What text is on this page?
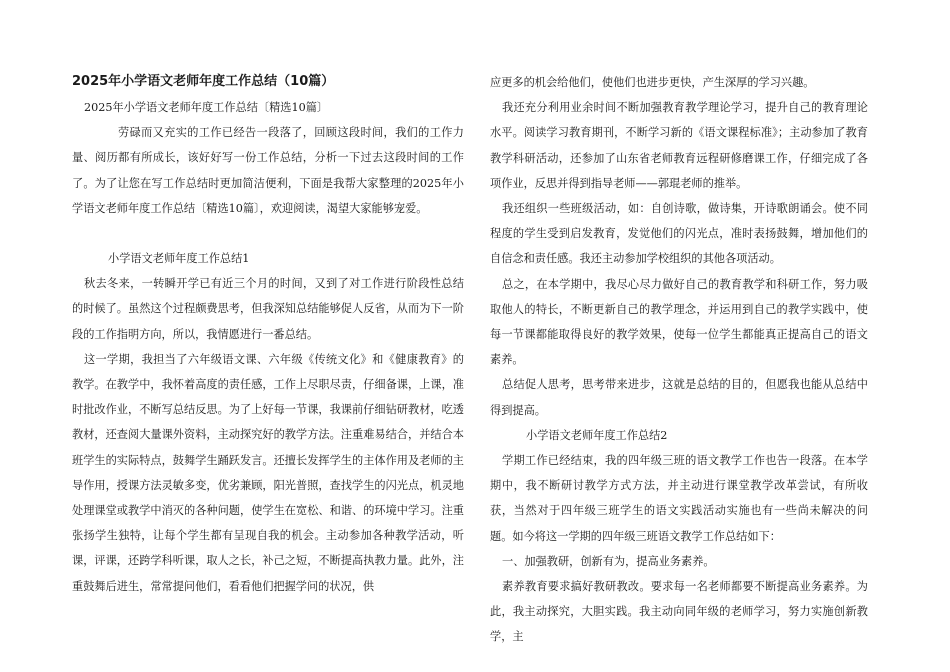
2025年小学语文老师年度工作总结（10篇）

2025年小学语文老师年度工作总结〔精选10篇〕

劳碌而又充实的工作已经告一段落了，回顾这段时间，我们的工作力量、阅历都有所成长，该好好写一份工作总结，分析一下过去这段时间的工作了。为了让您在写工作总结时更加简洁便利，下面是我帮大家整理的2025年小学语文老师年度工作总结〔精选10篇〕，欢迎阅读，渴望大家能够宠爱。

小学语文老师年度工作总结1

秋去冬来，一转瞬开学已有近三个月的时间，又到了对工作进行阶段性总结的时候了。虽然这个过程颇费思考，但我深知总结能够促人反省，从而为下一阶段的工作指明方向，所以，我情愿进行一番总结。

这一学期，我担当了六年级语文课、六年级《传统文化》和《健康教育》的教学。在教学中，我怀着高度的责任感，工作上尽职尽责，仔细备课，上课，准时批改作业，不断写总结反思。为了上好每一节课，我课前仔细钻研教材，吃透教材，还查阅大量课外资料，主动探究好的教学方法。注重难易结合，并结合本班学生的实际特点，鼓舞学生踊跃发言。还擅长发挥学生的主体作用及老师的主导作用，授课方法灵敏多变，优劣兼顾，阳光普照，查找学生的闪光点，机灵地处理课堂或教学中消灭的各种问题，使学生在宽松、和谐、的环境中学习。注重张扬学生独特，让每个学生都有呈现自我的机会。主动参加各种教学活动，听课，评课，还跨学科听课，取人之长，补己之短，不断提高执教力量。此外，注重鼓舞后进生，常常提问他们，看看他们把握学问的状况，供

应更多的机会给他们，使他们也进步更快，产生深厚的学习兴趣。

我还充分利用业余时间不断加强教育教学理论学习，提升自己的教育理论水平。阅读学习教育期刊，不断学习新的《语文课程标准》；主动参加了教育教学科研活动，还参加了山东省老师教育远程研修磨课工作，仔细完成了各项作业，反思并得到指导老师——郭琨老师的推举。

我还组织一些班级活动，如：自创诗歌，做诗集，开诗歌朗诵会。使不同程度的学生受到启发教育，发觉他们的闪光点，准时表扬鼓舞，增加他们的自信念和责任感。我还主动参加学校组织的其他各项活动。

总之，在本学期中，我尽心尽力做好自己的教育教学和科研工作，努力吸取他人的特长，不断更新自己的教学理念，并运用到自己的教学实践中，使每一节课都能取得良好的教学效果，使每一位学生都能真正提高自己的语文素养。

总结促人思考，思考带来进步，这就是总结的目的，但愿我也能从总结中得到提高。

小学语文老师年度工作总结2

学期工作已经结束，我的四年级三班的语文教学工作也告一段落。在本学期中，我不断研讨教学方式方法，并主动进行课堂教学改革尝试，有所收获，当然对于四年级三班学生的语文实践活动实施也有一些尚未解决的问题。如今将这一学期的四年级三班语文教学工作总结如下：

一、加强教研，创新有为，提高业务素养。

素养教育要求搞好教研教改。要求每一名老师都要不断提高业务素养。为此，我主动探究，大胆实践。我主动向同年级的老师学习，努力实施创新教学，主
